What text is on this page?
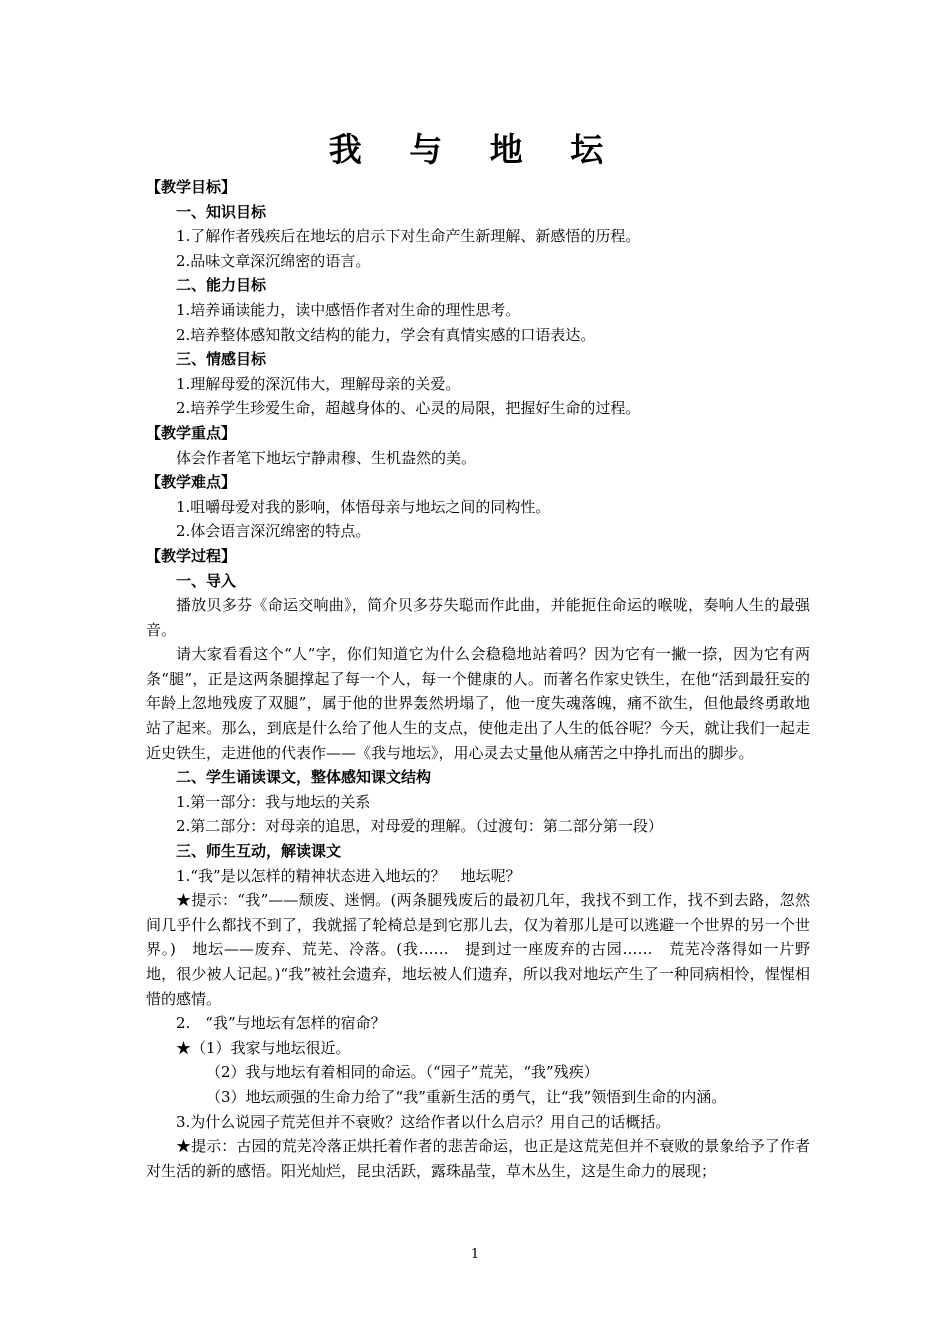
我 与 地 坛

【教学目标】

一、知识目标

1.了解作者残疾后在地坛的启示下对生命产生新理解、新感悟的历程。

2.品味文章深沉绵密的语言。

二、能力目标

1.培养诵读能力，读中感悟作者对生命的理性思考。

2.培养整体感知散文结构的能力，学会有真情实感的口语表达。

三、情感目标

1.理解母爱的深沉伟大，理解母亲的关爱。

2.培养学生珍爱生命，超越身体的、心灵的局限，把握好生命的过程。

【教学重点】

体会作者笔下地坛宁静肃穆、生机盎然的美。

【教学难点】

1.咀嚼母爱对我的影响，体悟母亲与地坛之间的同构性。

2.体会语言深沉绵密的特点。

【教学过程】

一、导入

播放贝多芬《命运交响曲》，简介贝多芬失聪而作此曲，并能扼住命运的喉咙，奏响人生的最强音。

请大家看看这个“人”字，你们知道它为什么会稳稳地站着吗？因为它有一撇一捺，因为它有两条“腿”，正是这两条腿撑起了每一个人，每一个健康的人。而著名作家史铁生，在他“活到最狂妄的年龄上忽地残废了双腿”，属于他的世界轰然坍塌了，他一度失魂落魄，痛不欲生，但他最终勇敢地站了起来。那么，到底是什么给了他人生的支点，使他走出了人生的低谷呢？今天，就让我们一起走近史铁生，走进他的代表作——《我与地坛》，用心灵去丈量他从痛苦之中挣扎而出的脚步。

二、学生诵读课文，整体感知课文结构

1.第一部分：我与地坛的关系

2.第二部分：对母亲的追思，对母爱的理解。（过渡句：第二部分第一段）

三、师生互动，解读课文

1.“我”是以怎样的精神状态进入地坛的？　地坛呢？

★提示：“我”——颓废、迷惘。(两条腿残废后的最初几年，我找不到工作，找不到去路，忽然间几乎什么都找不到了，我就摇了轮椅总是到它那儿去，仅为着那儿是可以逃避一个世界的另一个世界。)　地坛——废弃、荒芜、冷落。(我……　提到过一座废弃的古园……　荒芜冷落得如一片野地，很少被人记起。)“我”被社会遗弃，地坛被人们遗弃，所以我对地坛产生了一种同病相怜，惺惺相惜的感情。

2.　“我”与地坛有怎样的宿命？

★（1）我家与地坛很近。

（2）我与地坛有着相同的命运。（“园子”荒芜，“我”残疾）

（3）地坛顽强的生命力给了“我”重新生活的勇气，让“我”领悟到生命的内涵。

3.为什么说园子荒芜但并不衰败？这给作者以什么启示？用自己的话概括。

★提示：古园的荒芜冷落正烘托着作者的悲苦命运，也正是这荒芜但并不衰败的景象给予了作者对生活的新的感悟。阳光灿烂，昆虫活跃，露珠晶莹，草木丛生，这是生命力的展现；

1
